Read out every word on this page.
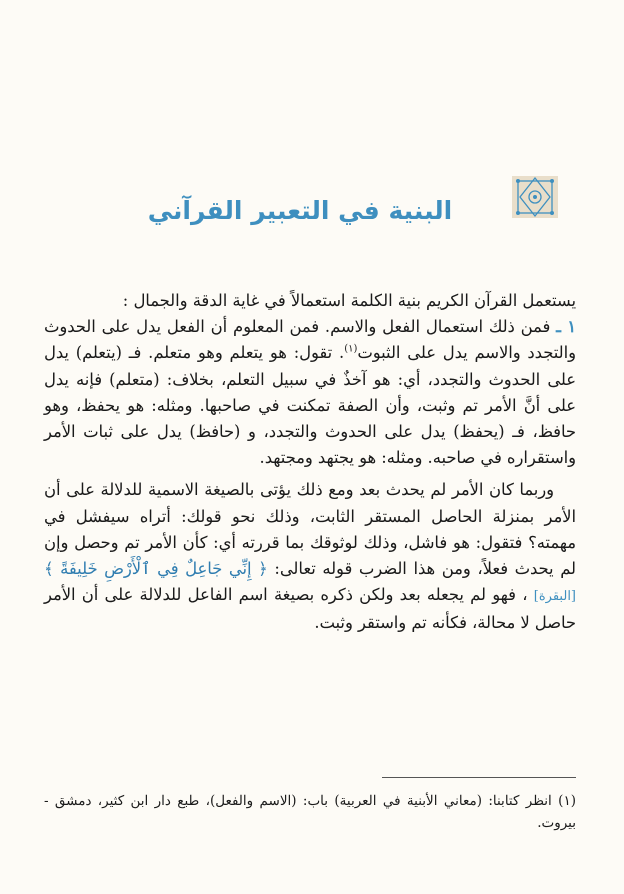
البنية في التعبير القرآني

يستعمل القرآن الكريم بنية الكلمة استعمالاً في غاية الدقة والجمال :

١ ـ فمن ذلك استعمال الفعل والاسم. فمن المعلوم أن الفعل يدل على الحدوث والتجدد والاسم يدل على الثبوت$^{(١)}$. تقول: هو يتعلم وهو متعلم. فـ (يتعلم) يدل على الحدوث والتجدد، أي: هو آخذٌ في سبيل التعلم، بخلاف: (متعلم) فإنه يدل على أنَّ الأمر تم وثبت، وأن الصفة تمكنت في صاحبها. ومثله: هو يحفظ، وهو حافظ، فـ (يحفظ) يدل على الحدوث والتجدد، و (حافظ) يدل على ثبات الأمر واستقراره في صاحبه. ومثله: هو يجتهد ومجتهد.

وربما كان الأمر لم يحدث بعد ومع ذلك يؤتى بالصيغة الاسمية للدلالة على أن الأمر بمنزلة الحاصل المستقر الثابت، وذلك نحو قولك: أتراه سيفشل في مهمته؟ فتقول: هو فاشل، وذلك لوثوقك بما قررته أي: كأن الأمر تم وحصل وإن لم يحدث فعلاً، ومن هذا الضرب قوله تعالى: ﴿ إِنِّي جَاعِلٌ فِي ٱلْأَرْضِ خَلِيفَةً ﴾ [البقرة] ، فهو لم يجعله بعد ولكن ذكره بصيغة اسم الفاعل للدلالة على أن الأمر حاصل لا محالة، فكأنه تم واستقر وثبت.

(١) انظر كتابنا: (معاني الأبنية في العربية) باب: (الاسم والفعل)، طبع دار ابن كثير، دمشق - بيروت.
